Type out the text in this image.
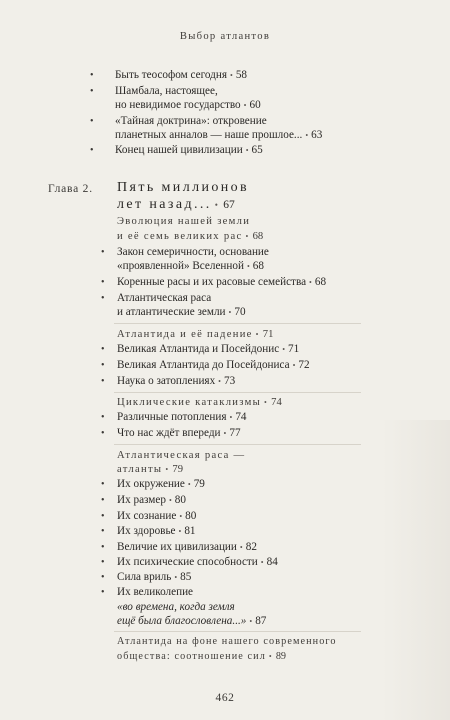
Выбор атлантов
• Быть теософом сегодня • 58
• Шамбала, настоящее,
но невидимое государство • 60
• «Тайная доктрина»: откровение
планетных анналов — наше прошлое... • 63
• Конец нашей цивилизации • 65
Глава 2. Пять миллионов
лет назад... • 67
Эволюция нашей земли
и её семь великих рас • 68
• Закон семеричности, основание
«проявленной» Вселенной • 68
• Коренные расы и их расовые семейства • 68
• Атлантическая раса
и атлантические земли • 70
Атлантида и её падение • 71
• Великая Атлантида и Посейдонис • 71
• Великая Атлантида до Посейдониса • 72
• Наука о затоплениях • 73
Циклические катаклизмы • 74
• Различные потопления • 74
• Что нас ждёт впереди • 77
Атлантическая раса —
атланты • 79
• Их окружение • 79
• Их размер • 80
• Их сознание • 80
• Их здоровье • 81
• Величие их цивилизации • 82
• Их психические способности • 84
• Сила вриль • 85
• Их великолепие
«во времена, когда земля
ещё была благословлена...» • 87
Атлантида на фоне нашего современного
общества: соотношение сил • 89
462
